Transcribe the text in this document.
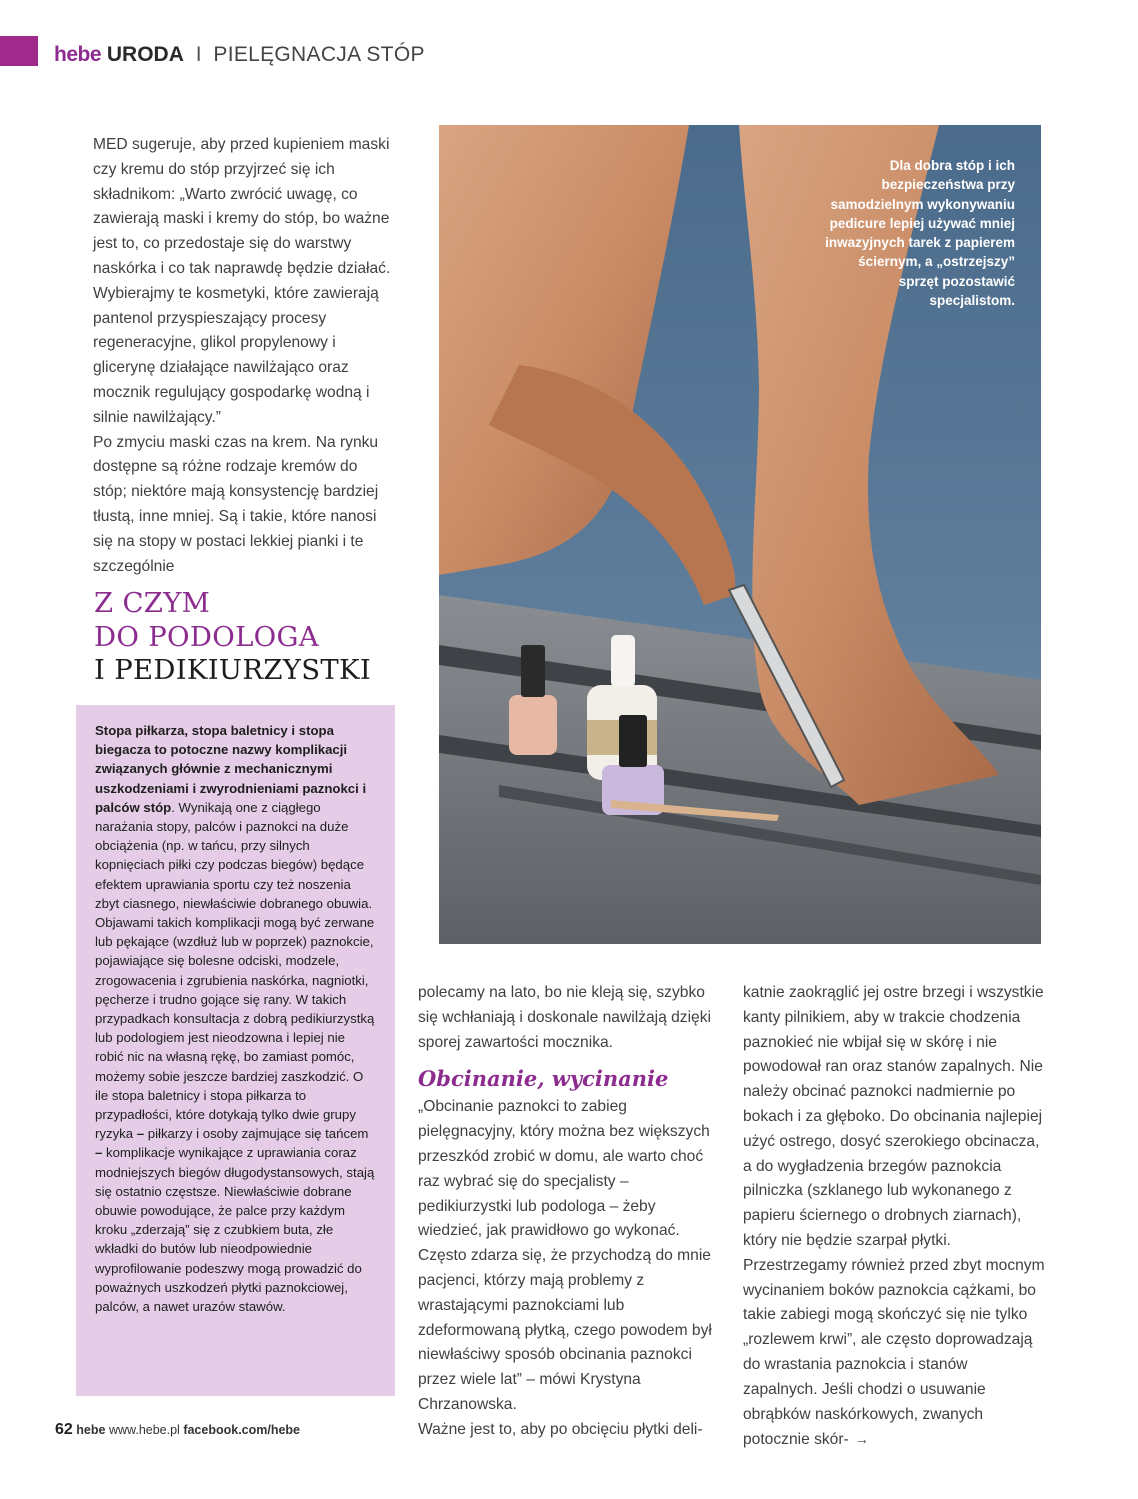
hebe URODA I PIELĘGNACJA STÓP

MED sugeruje, aby przed kupieniem maski czy kremu do stóp przyjrzeć się ich składnikom: „Warto zwrócić uwagę, co zawierają maski i kremy do stóp, bo ważne jest to, co przedostaje się do warstwy naskórka i co tak naprawdę będzie działać. Wybierajmy te kosmetyki, które zawierają pantenol przyspieszający procesy regeneracyjne, glikol propylenowy i glicerynę działające nawilżająco oraz mocznik regulujący gospodarkę wodną i silnie nawilżający.”

Po zmyciu maski czas na krem. Na rynku dostępne są różne rodzaje kremów do stóp; niektóre mają konsystencję bardziej tłustą, inne mniej. Są i takie, które nanosi się na stopy w postaci lekkiej pianki i te szczególnie

Z CZYM
DO PODOLOGA
I PEDIKIURZYSTKI

Stopa piłkarza, stopa baletnicy i stopa biegacza to potoczne nazwy komplikacji związanych głównie z mechanicznymi uszkodzeniami i zwyrodnieniami paznokci i palców stóp. Wynikają one z ciągłego narażania stopy, palców i paznokci na duże obciążenia (np. w tańcu, przy silnych kopnięciach piłki czy podczas biegów) będące efektem uprawiania sportu czy też noszenia zbyt ciasnego, niewłaściwie dobranego obuwia. Objawami takich komplikacji mogą być zerwane lub pękające (wzdłuż lub w poprzek) paznokcie, pojawiające się bolesne odciski, modzele, zrogowacenia i zgrubienia naskórka, nagniotki, pęcherze i trudno gojące się rany. W takich przypadkach konsultacja z dobrą pedikiurzystką lub podologiem jest nieodzowna i lepiej nie robić nic na własną rękę, bo zamiast pomóc, możemy sobie jeszcze bardziej zaszkodzić. O ile stopa baletnicy i stopa piłkarza to przypadłości, które dotykają tylko dwie grupy ryzyka – piłkarzy i osoby zajmujące się tańcem – komplikacje wynikające z uprawiania coraz modniejszych biegów długodystansowych, stają się ostatnio częstsze. Niewłaściwie dobrane obuwie powodujące, że palce przy każdym kroku „zderzają” się z czubkiem buta, złe wkładki do butów lub nieodpowiednie wyprofilowanie podeszwy mogą prowadzić do poważnych uszkodzeń płytki paznokciowej, palców, a nawet urazów stawów.

Dla dobra stóp i ich bezpieczeństwa przy samodzielnym wykonywaniu pedicure lepiej używać mniej inwazyjnych tarek z papierem ściernym, a „ostrzejszy” sprzęt pozostawić specjalistom.

polecamy na lato, bo nie kleją się, szybko się wchłaniają i doskonale nawilżają dzięki sporej zawartości mocznika.

Obcinanie, wycinanie

„Obcinanie paznokci to zabieg pielęgnacyjny, który można bez większych przeszkód zrobić w domu, ale warto choć raz wybrać się do specjalisty – pedikiurzystki lub podologa – żeby wiedzieć, jak prawidłowo go wykonać. Często zdarza się, że przychodzą do mnie pacjenci, którzy mają problemy z wrastającymi paznokciami lub zdeformowaną płytką, czego powodem był niewłaściwy sposób obcinania paznokci przez wiele lat” – mówi Krystyna Chrzanowska.

Ważne jest to, aby po obcięciu płytki deli-

katnie zaokrąglić jej ostre brzegi i wszystkie kanty pilnikiem, aby w trakcie chodzenia paznokieć nie wbijał się w skórę i nie powodował ran oraz stanów zapalnych. Nie należy obcinać paznokci nadmiernie po bokach i za głęboko. Do obcinania najlepiej użyć ostrego, dosyć szerokiego obcinacza, a do wygładzenia brzegów paznokcia pilniczka (szklanego lub wykonanego z papieru ściernego o drobnych ziarnach), który nie będzie szarpał płytki. Przestrzegamy również przed zbyt mocnym wycinaniem boków paznokcia cążkami, bo takie zabiegi mogą skończyć się nie tylko „rozlewem krwi”, ale często doprowadzają do wrastania paznokcia i stanów zapalnych. Jeśli chodzi o usuwanie obrąbków naskórkowych, zwanych potocznie skór- →

62 hebe www.hebe.pl facebook.com/hebe
